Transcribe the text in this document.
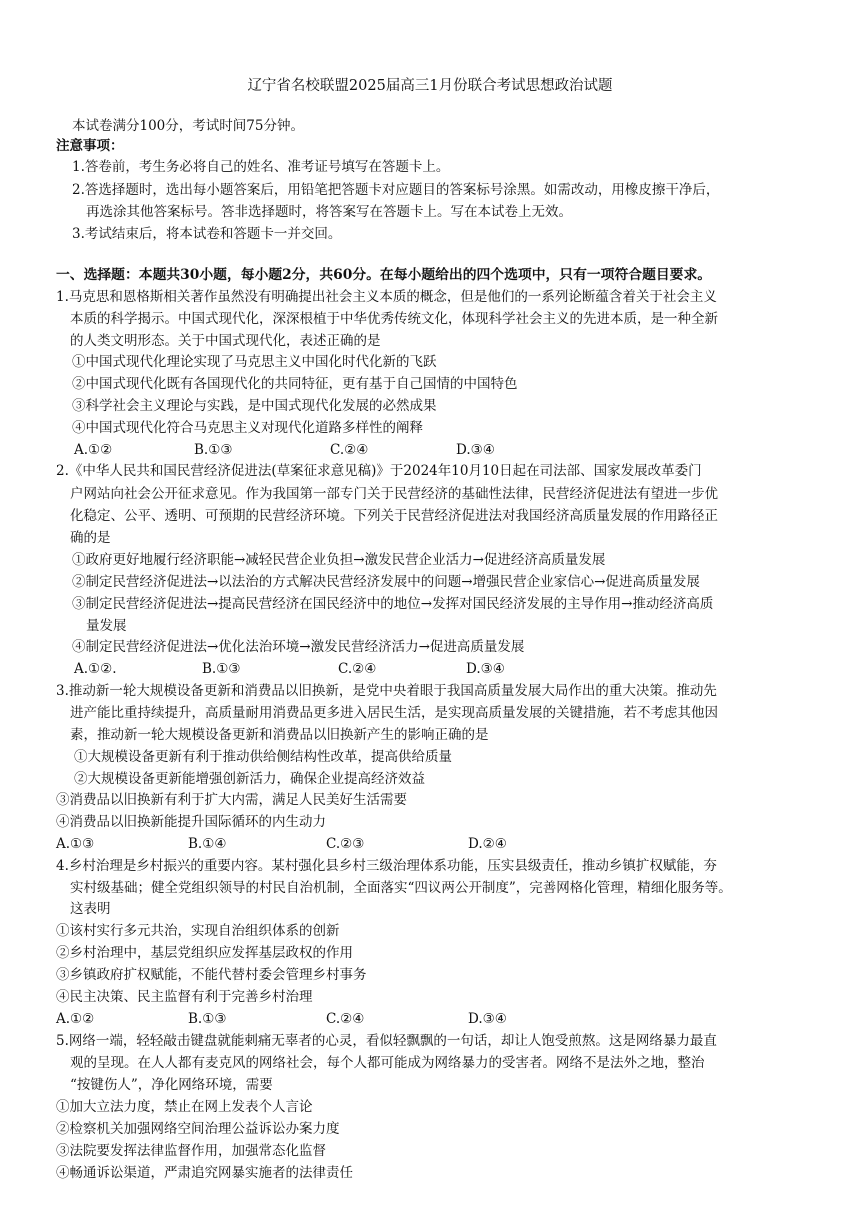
辽宁省名校联盟2025届高三1月份联合考试思想政治试题
本试卷满分100分，考试时间75分钟。
注意事项：
1.答卷前，考生务必将自己的姓名、准考证号填写在答题卡上。
2.答选择题时，选出每小题答案后，用铅笔把答题卡对应题目的答案标号涂黑。如需改动，用橡皮擦干净后，
再选涂其他答案标号。答非选择题时，将答案写在答题卡上。写在本试卷上无效。
3.考试结束后，将本试卷和答题卡一并交回。
一、选择题：本题共30小题，每小题2分，共60分。在每小题给出的四个选项中，只有一项符合题目要求。
1.马克思和恩格斯相关著作虽然没有明确提出社会主义本质的概念，但是他们的一系列论断蕴含着关于社会主义
本质的科学揭示。中国式现代化，深深根植于中华优秀传统文化，体现科学社会主义的先进本质，是一种全新
的人类文明形态。关于中国式现代化，表述正确的是
①中国式现代化理论实现了马克思主义中国化时代化新的飞跃
②中国式现代化既有各国现代化的共同特征，更有基于自己国情的中国特色
③科学社会主义理论与实践，是中国式现代化发展的必然成果
④中国式现代化符合马克思主义对现代化道路多样性的阐释
A.①②	B.①③	C.②④	D.③④
2.《中华人民共和国民营经济促进法(草案征求意见稿)》于2024年10月10日起在司法部、国家发展改革委门
户网站向社会公开征求意见。作为我国第一部专门关于民营经济的基础性法律，民营经济促进法有望进一步优
化稳定、公平、透明、可预期的民营经济环境。下列关于民营经济促进法对我国经济高质量发展的作用路径正
确的是
①政府更好地履行经济职能→减轻民营企业负担→激发民营企业活力→促进经济高质量发展
②制定民营经济促进法→以法治的方式解决民营经济发展中的问题→增强民营企业家信心→促进高质量发展
③制定民营经济促进法→提高民营经济在国民经济中的地位→发挥对国民经济发展的主导作用→推动经济高质
量发展
④制定民营经济促进法→优化法治环境→激发民营经济活力→促进高质量发展
A.①②.	B.①③	C.②④	D.③④
3.推动新一轮大规模设备更新和消费品以旧换新，是党中央着眼于我国高质量发展大局作出的重大决策。推动先
进产能比重持续提升，高质量耐用消费品更多进入居民生活，是实现高质量发展的关键措施，若不考虑其他因
素，推动新一轮大规模设备更新和消费品以旧换新产生的影响正确的是
①大规模设备更新有利于推动供给侧结构性改革，提高供给质量
②大规模设备更新能增强创新活力，确保企业提高经济效益
③消费品以旧换新有利于扩大内需，满足人民美好生活需要
④消费品以旧换新能提升国际循环的内生动力
A.①③	B.①④	C.②③	D.②④
4.乡村治理是乡村振兴的重要内容。某村强化县乡村三级治理体系功能，压实县级责任，推动乡镇扩权赋能，夯
实村级基础；健全党组织领导的村民自治机制，全面落实“四议两公开制度”，完善网格化管理，精细化服务等。
这表明
①该村实行多元共治，实现自治组织体系的创新
②乡村治理中，基层党组织应发挥基层政权的作用
③乡镇政府扩权赋能，不能代替村委会管理乡村事务
④民主决策、民主监督有利于完善乡村治理
A.①②	B.①③	C.②④	D.③④
5.网络一端，轻轻敲击键盘就能刺痛无辜者的心灵，看似轻飘飘的一句话，却让人饱受煎熬。这是网络暴力最直
观的呈现。在人人都有麦克风的网络社会，每个人都可能成为网络暴力的受害者。网络不是法外之地，整治
“按键伤人”，净化网络环境，需要
①加大立法力度，禁止在网上发表个人言论
②检察机关加强网络空间治理公益诉讼办案力度
③法院要发挥法律监督作用，加强常态化监督
④畅通诉讼渠道，严肃追究网暴实施者的法律责任
